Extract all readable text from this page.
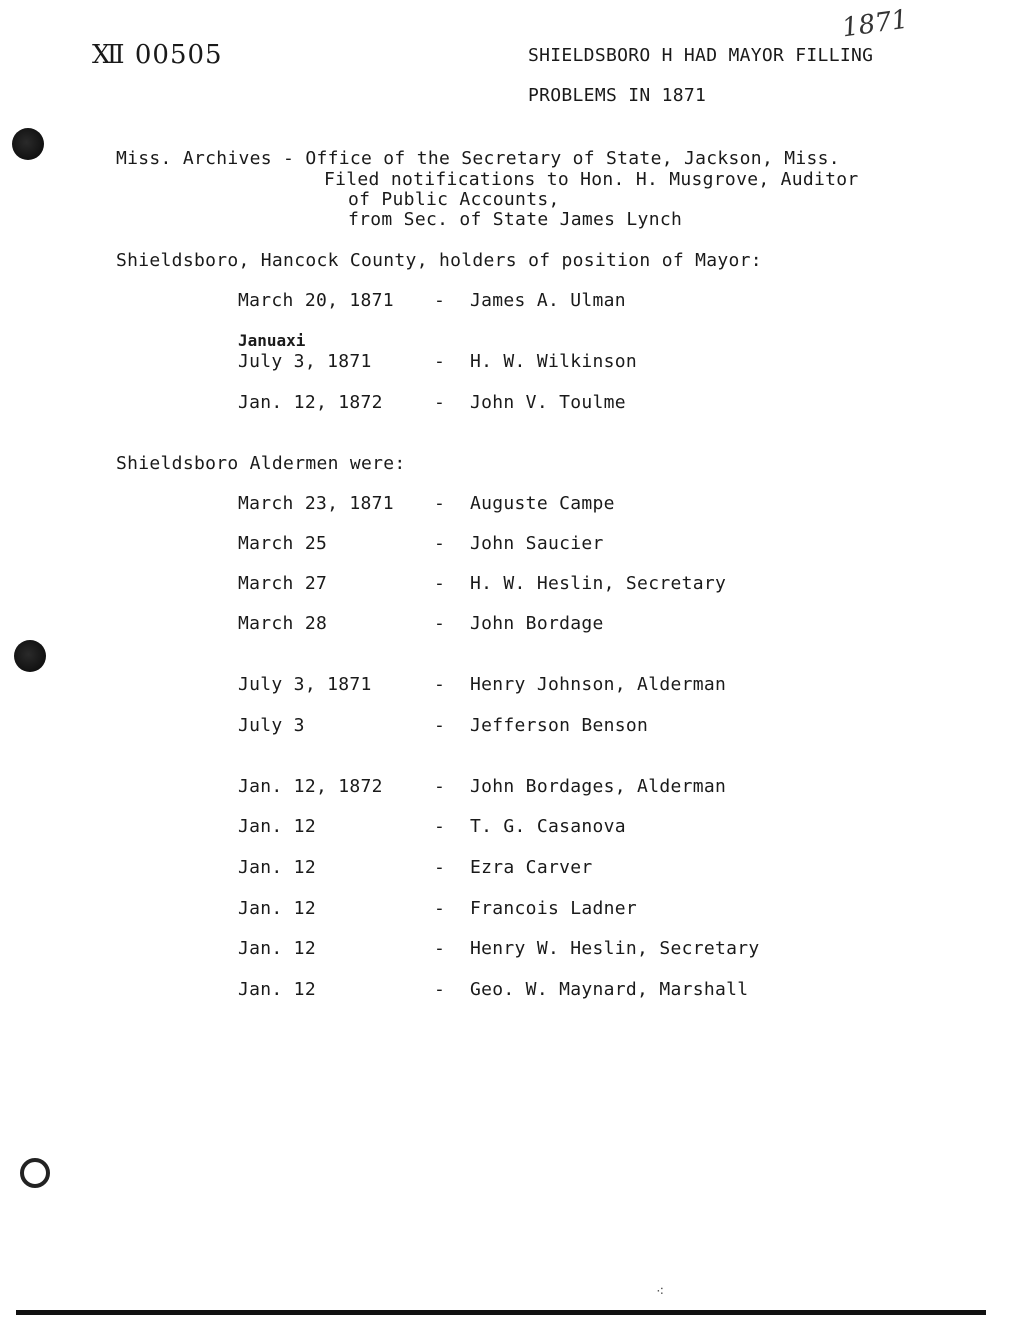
Ⅻ 00505
1871
SHIELDSBORO H HAD MAYOR FILLING
PROBLEMS IN 1871
Miss. Archives - Office of the Secretary of State, Jackson, Miss.
Filed notifications to Hon. H. Musgrove, Auditor
of Public Accounts,
from Sec. of State James Lynch
Shieldsboro, Hancock County, holders of position of Mayor:
March 20, 1871 - James A. Ulman
Januaxi
July 3, 1871	- H. W. Wilkinson
Jan. 12, 1872	- John V. Toulme
Shieldsboro Aldermen were:
March 23, 1871 - Auguste Campe
March 25	- John Saucier
March 27	- H. W. Heslin, Secretary
March 28	- John Bordage
July 3, 1871	- Henry Johnson, Alderman
July 3	- Jefferson Benson
Jan. 12, 1872	- John Bordages, Alderman
Jan. 12	- T. G. Casanova
Jan. 12	- Ezra Carver
Jan. 12	- Francois Ladner
Jan. 12	- Henry W. Heslin, Secretary
Jan. 12	- Geo. W. Maynard, Marshall
⁖
